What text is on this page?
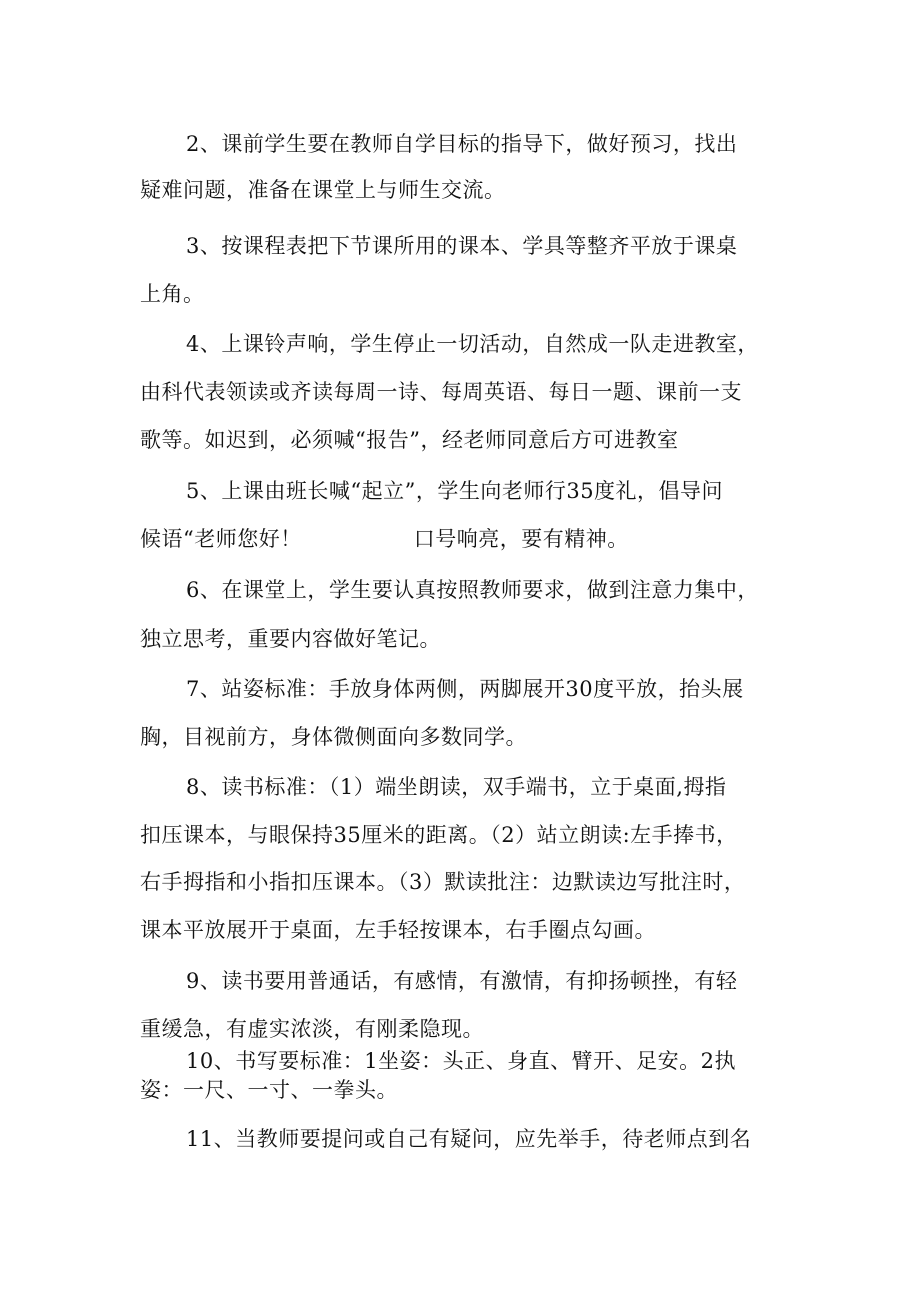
2、课前学生要在教师自学目标的指导下，做好预习，找出
疑难问题，准备在课堂上与师生交流。
3、按课程表把下节课所用的课本、学具等整齐平放于课桌
上角。
4、上课铃声响，学生停止一切活动，自然成一队走进教室，
由科代表领读或齐读每周一诗、每周英语、每日一题、课前一支
歌等。如迟到，必须喊“报告”，经老师同意后方可进教室
5、上课由班长喊“起立”，学生向老师行35度礼，倡导问
候语“老师您好！	口号响亮，要有精神。
6、在课堂上，学生要认真按照教师要求，做到注意力集中，
独立思考，重要内容做好笔记。
7、站姿标准：手放身体两侧，两脚展开30度平放，抬头展
胸，目视前方，身体微侧面向多数同学。
8、读书标准：（1）端坐朗读，双手端书，立于桌面,拇指
扣压课本，与眼保持35厘米的距离。（2）站立朗读:左手捧书，
右手拇指和小指扣压课本。（3）默读批注：边默读边写批注时，
课本平放展开于桌面，左手轻按课本，右手圈点勾画。
9、读书要用普通话，有感情，有激情，有抑扬顿挫，有轻
重缓急，有虚实浓淡，有刚柔隐现。
10、书写要标准：1坐姿：头正、身直、臂开、足安。2执
姿：一尺、一寸、一拳头。
11、当教师要提问或自己有疑问，应先举手，待老师点到名
